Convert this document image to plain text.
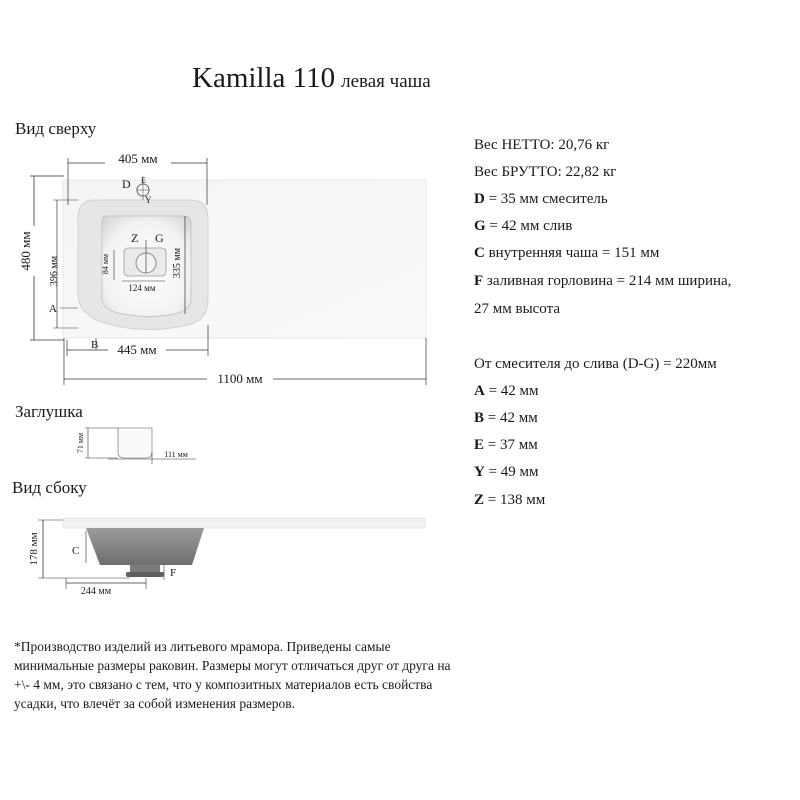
Kamilla 110 левая чаша
Вид сверху
Заглушка
Вид сбоку
D E
Y
Z G
405 мм
480 мм
396 мм
A
335 мм
84 мм
124 мм
B 445 мм
1100 мм
71 мм
111 мм
178 мм	C
F
244 мм
Вес НЕТТО: 20,76 кг
Вес БРУТТО: 22,82 кг
D = 35 мм смеситель
G = 42 мм слив
C внутренняя чаша = 151 мм
F заливная горловина = 214 мм ширина,
27 мм высота
От смесителя до слива (D-G) = 220мм
A = 42 мм
B = 42 мм
E = 37 мм
Y = 49 мм
Z = 138 мм
*Производство изделий из литьевого мрамора. Приведены самые минимальные размеры раковин. Размеры могут отличаться друг от друга на +\- 4 мм, это связано с тем, что у композитных материалов есть свойства усадки, что влечёт за собой изменения размеров.
